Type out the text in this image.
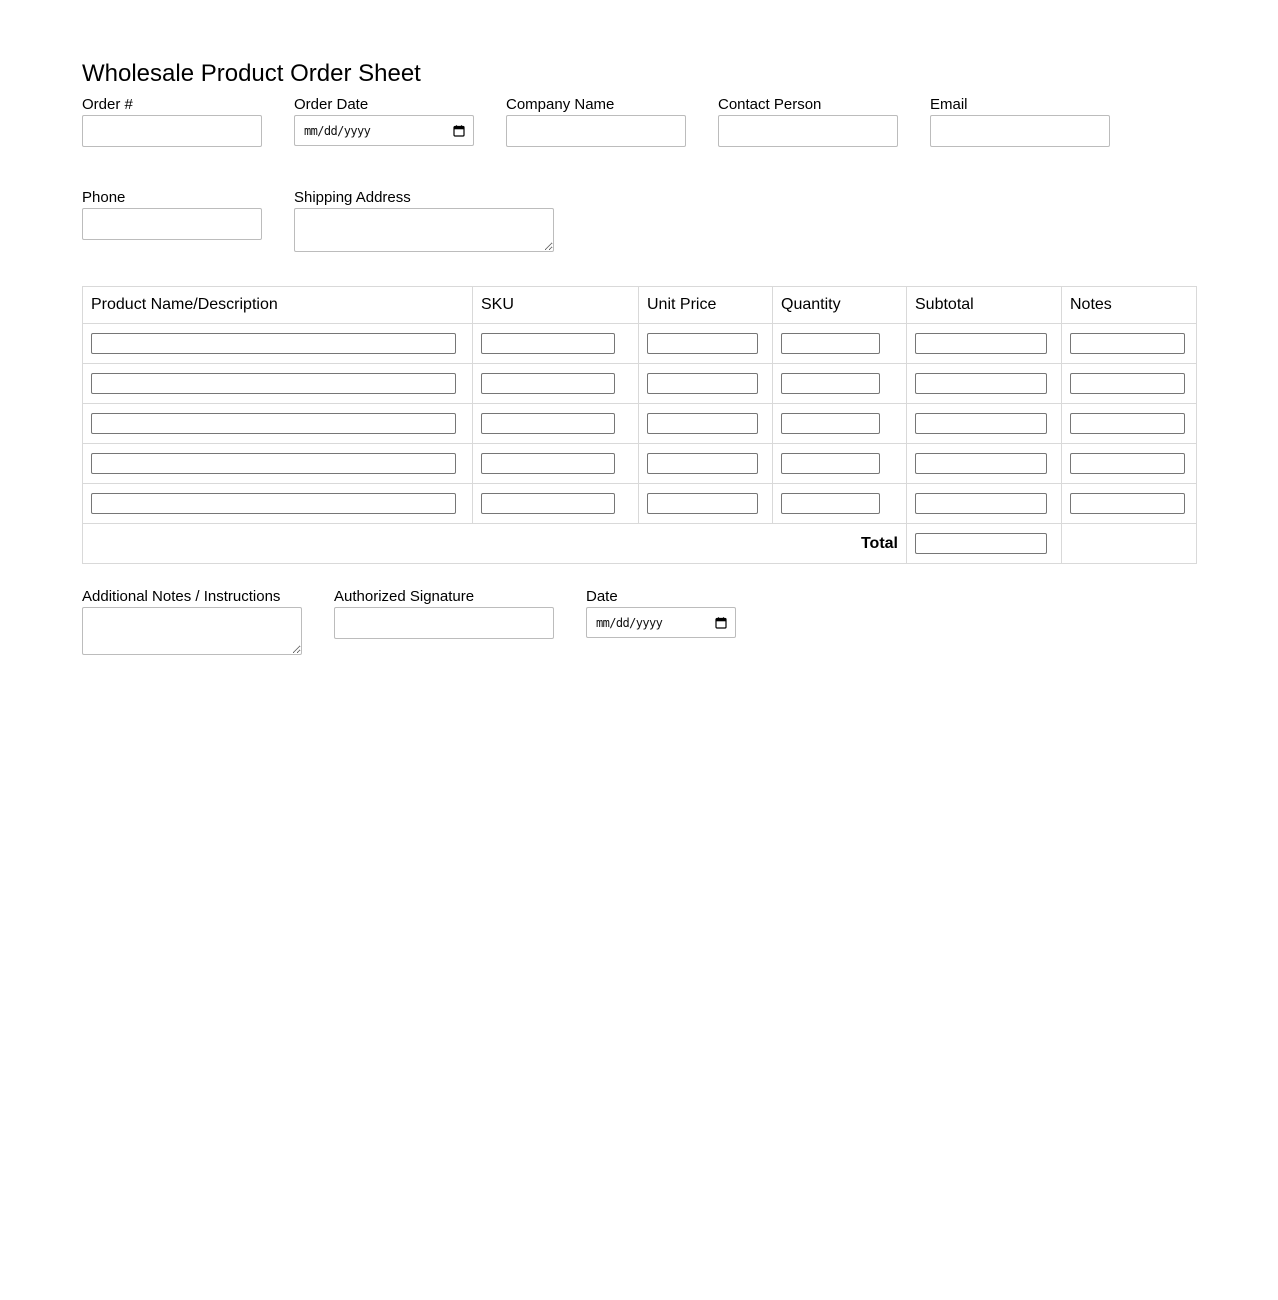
Wholesale Product Order Sheet
Order #	Order Date
mm/dd/yyyy
Company Name	Contact Person	Email
Phone	Shipping Address
Product Name/Description	SKU	Unit Price	Quantity	Subtotal	Notes

Total	

Additional Notes / Instructions	Authorized Signature	Date
mm/dd/yyyy
